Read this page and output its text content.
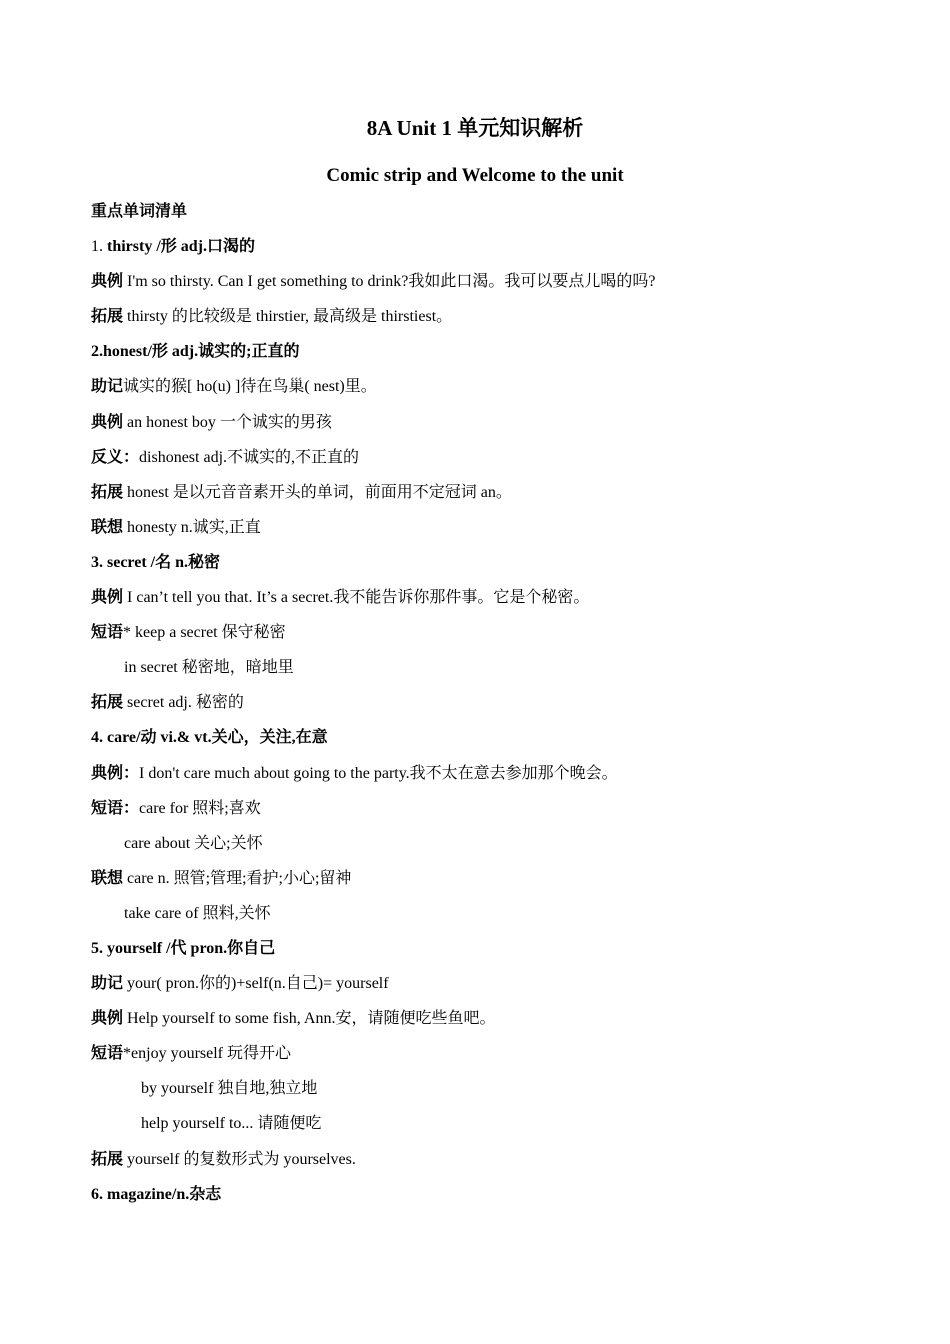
8A Unit 1 单元知识解析
Comic strip and Welcome to the unit
重点单词清单
1. thirsty /形 adj.口渴的
典例 I'm so thirsty. Can I get something to drink?我如此口渴。我可以要点儿喝的吗?
拓展 thirsty 的比较级是 thirstier, 最高级是 thirstiest。
2.honest/形 adj.诚实的;正直的
助记诚实的猴[ ho(u) ]待在鸟巢( nest)里。
典例 an honest boy 一个诚实的男孩
反义：dishonest adj.不诚实的,不正直的
拓展 honest 是以元音音素开头的单词，前面用不定冠词 an。
联想 honesty n.诚实,正直
3. secret /名 n.秘密
典例 I can’t tell you that. It’s a secret.我不能告诉你那件事。它是个秘密。
短语* keep a secret 保守秘密
in secret 秘密地，暗地里
拓展 secret adj. 秘密的
4. care/动 vi.& vt.关心，关注,在意
典例：I don't care much about going to the party.我不太在意去参加那个晚会。
短语：care for 照料;喜欢
care about 关心;关怀
联想 care n. 照管;管理;看护;小心;留神
take care of 照料,关怀
5. yourself /代 pron.你自己
助记 your( pron.你的)+self(n.自己)= yourself
典例 Help yourself to some fish, Ann.安，请随便吃些鱼吧。
短语*enjoy yourself 玩得开心
by yourself 独自地,独立地
help yourself to... 请随便吃
拓展 yourself 的复数形式为 yourselves.
6. magazine/n.杂志
